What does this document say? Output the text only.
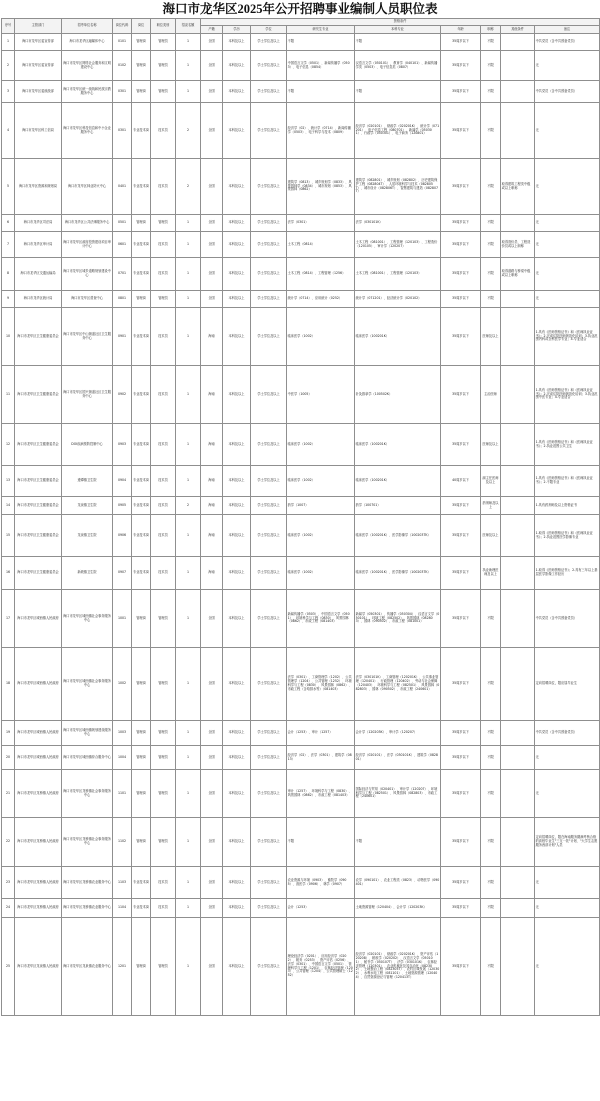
海口市龙华区2025年公开招聘事业编制人员职位表
序号	主管部门	招考单位名称	岗位代码	岗位	职位类别	招录名额	资格条件								
							户籍	学历	学位	研究生专业	本科专业	年龄	职称	其他条件	备注
1	海口市龙华区委宣传部	海口市龙华区融媒体中心	0101	管理岗	管理员	1	全国	本科及以上	学士学位及以上	不限	不限	35周岁以下	不限		中共党员（含中共预备党员）
2	海口市龙华区委宣传部	海口市龙华区网络社会服务和文明建设中心	0102	管理岗	管理员	1	全国	本科及以上	学士学位及以上	中国语言文学（0501）、新闻传播学（0503）、电子信息（0854）	汉语言文学（050101）、教育学（040101）、新闻传播学类（0503）、电子信息类（0807）	35周岁以下	不限		无
3	海口市龙华区委统战部	海口市龙华区统一战线和民族宗教服务中心	0301	管理岗	管理员	1	全国	本科及以上	学士学位及以上	不限	不限	35周岁以下	不限		中共党员（含中共预备党员）
4	海口市龙华区科工信局	海口市龙华区科技信息和中小企业服务中心	0301	专业技术岗	技术员	2	全国	本科及以上	学士学位及以上	经济学（02）、统计学（0714）、新闻传播学（0503）、电子科学与技术（0809）	经济学（020101）、财政学（020201K）、统计学（071201）、电子信息工程（080701）、新闻学（050301）、行政学（050301）、电子商务（120801）	35周岁以下	不限		无
5	海口市龙华区资源和规划局	海口市龙华区林业防火中心	0401	专业技术岗	技术员	2	全国	本科及以上	学士学位及以上	建筑学（0813）、城乡规划学（0833）、风景园林学（0834）、城市规划（0853）、风景园林（0862）	建筑学（082801）、城乡规划（082802）、历史建筑保护工程（082804T）、人居环境科学与技术（082805T）、城市设计（082806T）、智慧建筑与建造（082807T）	35周岁以下	不限	取得建筑工程类中级或以上职称	无
6	海口市龙华区司法局	海口市龙华区公共法律服务中心	0501	管理岗	管理员	1	全国	本科及以上	学士学位及以上	法学（0301）	法学（030101K）	35周岁以下	不限		无
7	海口市龙华区审计局	海口市龙华区政府投资建设项目审计中心	0601	专业技术岗	技术员	1	全国	本科及以上	学士学位及以上	土木工程（0814）	土木工程（081001）、工程管理（120103）、工程造价（120105）、审计学（120207）	35周岁以下	不限	取得造价员、工程造价员或以上职称	无
8	海口市龙华区交通运输局	海口市龙华区城乡道路规划建设中心	0701	专业技术岗	技术员	1	全国	本科及以上	学士学位及以上	土木工程（0814）、工程管理（1256）	土木工程（081001）、工程管理（120103）	35周岁以下	不限	取得道路与桥梁中级或以上职称	无
9	海口市龙华区统计局	海口市龙华区普查中心	0801	管理岗	管理员	1	全国	本科及以上	学士学位及以上	统计学（0714）、应用统计（0252）	统计学（071201）、经济统计学（020102）	35周岁以下	不限		无
10	海口市龙华区卫生健康委员会	海口市龙华区中山街道社区卫生服务中心	0901	专业技术岗	技术员	1	海南	本科及以上	学士学位及以上	临床医学（1002）	临床医学（100201K）	35周岁以下	医师及以上		1.具有《医师资格证书》和《医师执业证书》；2.完成住院医师规范化培训；3.执业范围内科或全科医学专业；4.专业适合
11	海口市龙华区卫生健康委员会	海口市龙华区国兴街道社区卫生服务中心	0902	专业技术岗	技术员	1	海南	本科及以上	学士学位及以上	中医学（1005）	针灸推拿学（100502K）	35周岁以下	主治医师		1.具有《医师资格证书》和《医师执业证书》；2.完成住院医师规范化培训；3.执业范围中医专业；4.专业适合
12	海口市龙华区卫生健康委员会	DOI疾病预防控制中心	0903	专业技术岗	技术员	1	海南	本科及以上	学士学位及以上	临床医学（1002）	临床医学（100201K）	35周岁以下	医师及以上		1.具有《医师资格证书》和《医师执业证书》；2.执业范围公共卫生
13	海口市龙华区卫生健康委员会	遵谭镇卫生院	0904	专业技术岗	技术员	1	海南	本科及以上	学士学位及以上	临床医学（1002）	临床医学（100201K）	40周岁以下	副主任医师及以上		1.具有《医师资格证书》和《医师执业证书》；2.不限专业
14	海口市龙华区卫生健康委员会	龙泉镇卫生院	0905	专业技术岗	技术员	2	海南	本科及以上	学士学位及以上	药学（1007）	药学（100701）	35周岁以下	药剂师及以上		1.具有药剂师及以上资格证书
15	海口市龙华区卫生健康委员会	龙泉镇卫生院	0906	专业技术岗	技术员	1	海南	本科及以上	学士学位及以上	临床医学（1002）	临床医学（100201K）、医学影像学（100203TK）	35周岁以下	医师及以上		1.取得《医师资格证书》和《医师执业证书》；2.执业范围医学影像专业
16	海口市龙华区卫生健康委员会	新坡镇卫生院	0907	专业技术岗	技术员	1	海南	本科及以上	学士学位及以上	临床医学（1002）	临床医学（100201K）、医学影像学（100203TK）	35周岁以下	执业助理医师及以上		1.取得《医师资格证书》；2.具有三年以上基层医学影像工作经历
17	海口市龙华区城西镇人民政府	海口市龙华区城西镇社会事务服务中心	1001	管理岗	管理员	1	全国	本科及以上	学士学位及以上	新闻传播学（0503）、中国语言文学（0501）、环境科学与工程（0830）、风景园林（0862）、市政工程（081403）	新闻学（050301）、传播学（050304）、汉语言文学（050101）、环境工程（082502）、风景园林（082803）、园林（090502）、市政工程（081001）	35周岁以下	不限		中共党员（含中共预备党员）
18	海口市龙华区城西镇人民政府	海口市龙华区城西镇社会事务服务中心	1002	管理岗	管理员	1	全国	本科及以上	学士学位及以上	法学（0301）、工商管理学（1202）、公共管理学（1204）、公共管理（1252）、环境科学与工程（0830）、风景园林（0862）、市政工程（含给排水等）（081403）	法学（030101K）、工商管理（120201K）、公共事业管理（120401）、行政管理（120402）、劳动与社会保障（120403）、环境科学与工程（082501）、风景园林（082803）、园林（090502）、市政工程（240601）	35周岁以下	不限		定向招聘岗位，限应届毕业生
19	海口市龙华区城西镇人民政府	海口市龙华区城西镇规划建设服务中心	1003	管理岗	管理员	1	全国	本科及以上	学士学位及以上	会计（1253）、审计（1257）	会计学（120203K）、审计学（120207）	35周岁以下	不限		中共党员（含中共预备党员）
20	海口市龙华区城西镇人民政府	海口市龙华区城西镇综合服务中心	1004	管理岗	管理员	1	全国	本科及以上	学士学位及以上	经济学（02）、法学（0301）、建筑学（0813）	经济学（020101）、法学（030101K）、建筑学（082801）	35周岁以下	不限		无
21	海口市龙华区龙桥镇人民政府	海口市龙华区龙桥镇社会事务服务中心	1101	管理岗	管理员	1	全国	本科及以上	学士学位及以上	审计（1257）、环境科学与工程（0830）、风景园林（0862）、市政工程（081403）	国际经济与贸易（020401）、审计学（120207）、环境科学与工程（082501）、风景园林（082803）、市政工程（240601）	35周岁以下	不限		无
22	海口市龙华区龙桥镇人民政府	海口市龙华区龙桥镇社会事务服务中心	1102	管理岗	管理员	1	全国	本科及以上	学士学位及以上	不限	不限	35周岁以下	不限		定向招聘岗位，限在海南服务期满考核合格的高校毕业生"三支一扶"计划、"大学生志愿服务西部计划"人员
23	海口市龙华区龙桥镇人民政府	海口市龙华区龙桥镇农业服务中心	1103	专业技术岗	技术员	1	全国	本科及以上	学士学位及以上	农业资源与环境（0903）、畜牧学（0905）、兽医学（0906）、林学（0907）	农学（090101）、农业工程类（0823）、动物医学（090401）	35周岁以下	不限		无
24	海口市龙华区龙桥镇人民政府	海口市龙华区龙桥镇农业服务中心	1104	专业技术岗	技术员	1	全国	本科及以上	学士学位及以上	会计（1253）	土地资源管理（120404）、会计学（120203K）	35周岁以下	不限		无
25	海口市龙华区龙泉镇人民政府	海口市龙华区龙泉镇农业服务中心	1201	管理岗	管理员	1	全国	本科及以上	学士学位及以上	理论经济学（0201）、应用经济学（0202）、税务（0253）、资产评估（0256）、法学（0301）、中国语言文学（0501）、管理科学与工程（1201）、农林经济管理（1203）、公共管理（1204）、公共管理硕士（1252）	经济学（020101）、财政学（020201K）、资产评估（120208）、税收学（020202）、汉语言文学（050101）、秘书学（050107T）、法学（030101K）、农林经济管理（120301）、农业机械化及其自动化（082302）、土地整治工程（082305T）、农村区域发展（120302）、水利水电工程（081101）、土地资源管理（120404）、自然资源登记与管理（120413T）	35周岁以下	不限		无
